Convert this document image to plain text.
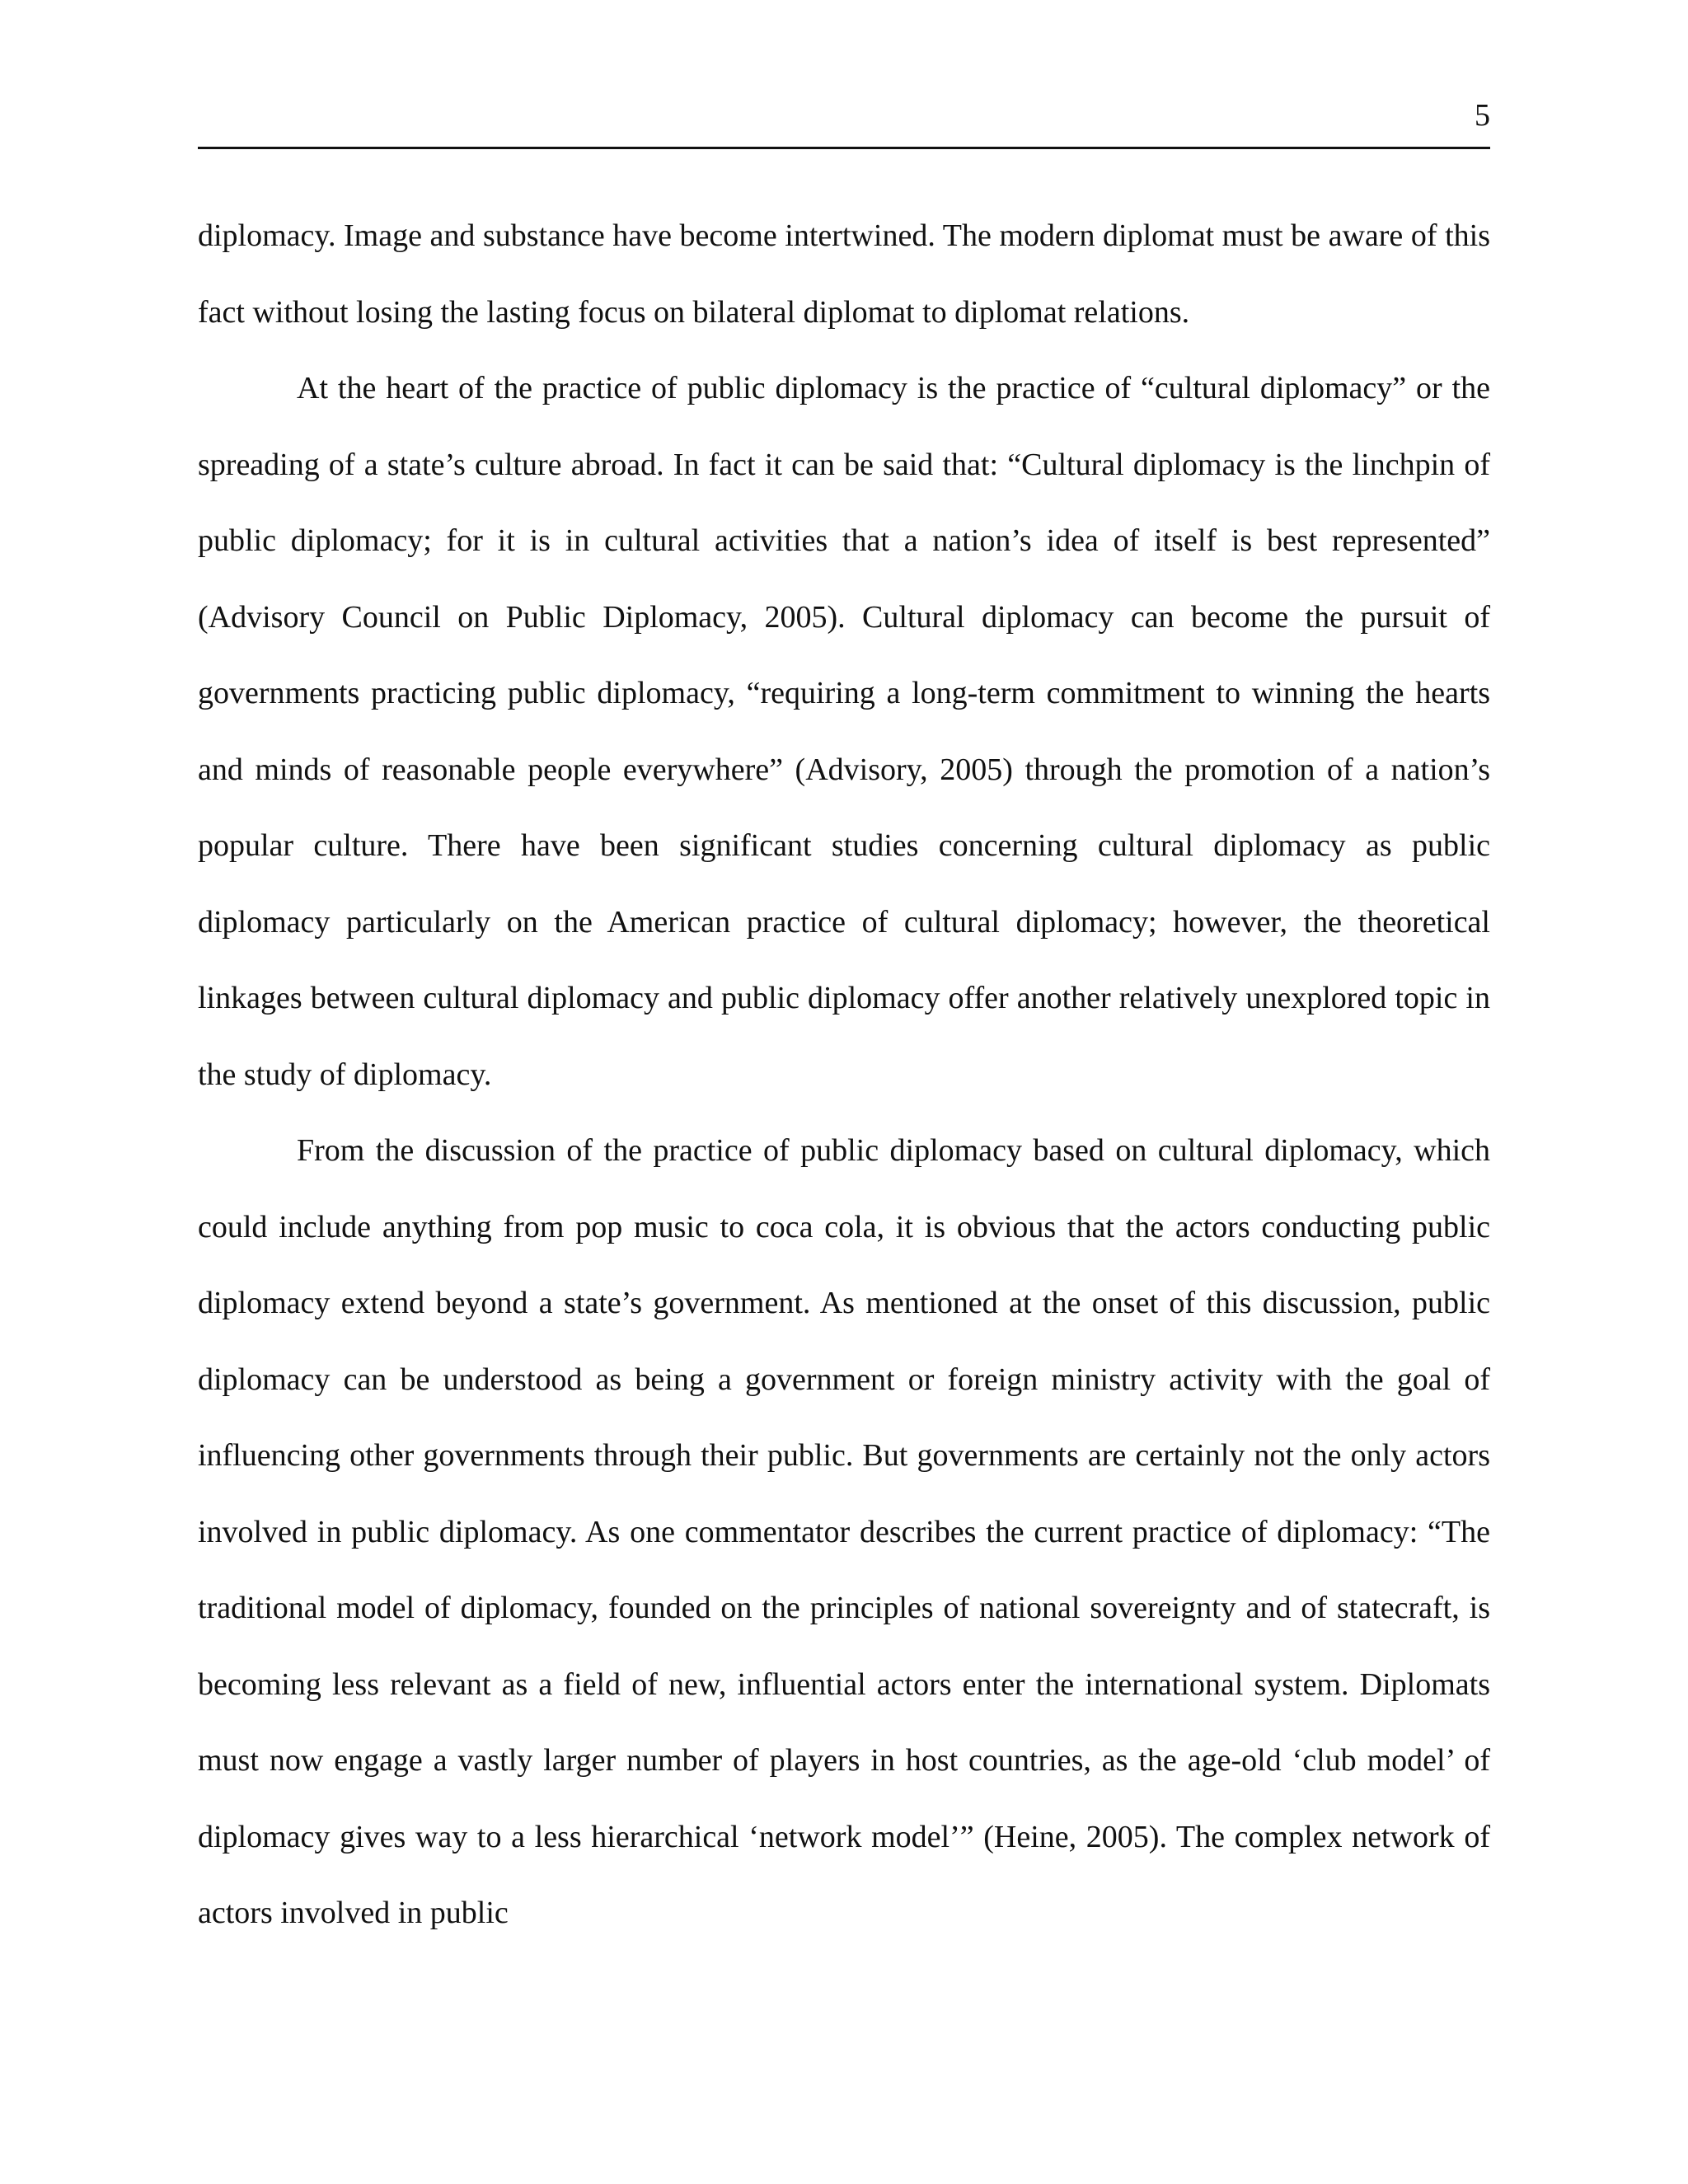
5

diplomacy. Image and substance have become intertwined. The modern diplomat must be aware of this fact without losing the lasting focus on bilateral diplomat to diplomat relations.

At the heart of the practice of public diplomacy is the practice of “cultural diplomacy” or the spreading of a state’s culture abroad. In fact it can be said that: “Cultural diplomacy is the linchpin of public diplomacy; for it is in cultural activities that a nation’s idea of itself is best represented” (Advisory Council on Public Diplomacy, 2005). Cultural diplomacy can become the pursuit of governments practicing public diplomacy, “requiring a long-term commitment to winning the hearts and minds of reasonable people everywhere” (Advisory, 2005) through the promotion of a nation’s popular culture. There have been significant studies concerning cultural diplomacy as public diplomacy particularly on the American practice of cultural diplomacy; however, the theoretical linkages between cultural diplomacy and public diplomacy offer another relatively unexplored topic in the study of diplomacy.

From the discussion of the practice of public diplomacy based on cultural diplomacy, which could include anything from pop music to coca cola, it is obvious that the actors conducting public diplomacy extend beyond a state’s government. As mentioned at the onset of this discussion, public diplomacy can be understood as being a government or foreign ministry activity with the goal of influencing other governments through their public. But governments are certainly not the only actors involved in public diplomacy. As one commentator describes the current practice of diplomacy: “The traditional model of diplomacy, founded on the principles of national sovereignty and of statecraft, is becoming less relevant as a field of new, influential actors enter the international system. Diplomats must now engage a vastly larger number of players in host countries, as the age-old ‘club model’ of diplomacy gives way to a less hierarchical ‘network model’” (Heine, 2005). The complex network of actors involved in public
